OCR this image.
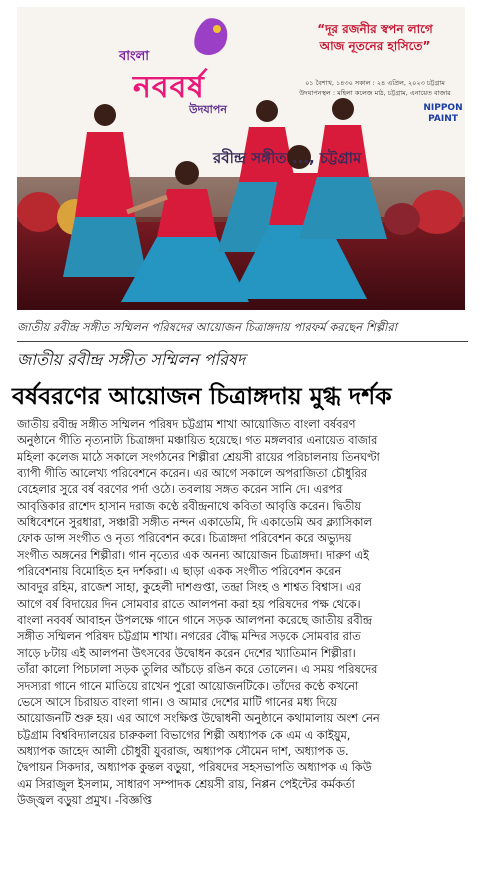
“দূর রজনীর স্বপন লাগে
আজ নূতনের হাসিতে”
০১ বৈশাখ, ১৪৩০ সকাল : ২৪ এপ্রিল, ২০২৩ চট্টগ্রাম
উদযাপনস্থল : মহিলা কলেজ মাঠ, চট্টগ্রাম, এনায়েত বাজার
বাংলা
নববর্ষ
উদযাপন
রবীন্দ্র সঙ্গীত ..., চট্টগ্রাম
NIPPON
PAINT
জাতীয় রবীন্দ্র সঙ্গীত সম্মিলন পরিষদের আয়োজন চিত্রাঙ্গদায় পারফর্ম করছেন শিল্পীরা
জাতীয় রবীন্দ্র সঙ্গীত সম্মিলন পরিষদ
বর্ষবরণের আয়োজন চিত্রাঙ্গদায় মুগ্ধ দর্শক
জাতীয় রবীন্দ্র সঙ্গীত সম্মিলন পরিষদ চট্টগ্রাম শাখা আয়োজিত বাংলা বর্ষবরণ
অনুষ্ঠানে গীতি নৃত্যনাট্য চিত্রাঙ্গদা মঞ্চায়িত হয়েছে। গত মঙ্গলবার এনায়েত বাজার
মহিলা কলেজ মাঠে সকালে সংগঠনের শিল্পীরা শ্রেয়সী রায়ের পরিচালনায় তিনঘণ্টা
ব্যাপী গীতি আলেখ্য পরিবেশনে করেন। এর আগে সকালে অপরাজিতা চৌধুরির
বেহেলার সুরে বর্ষ বরণের পর্দা ওঠে। তবলায় সঙ্গত করেন সানি দে। এরপর
আবৃত্তিকার রাশেদ হাসান দরাজ কণ্ঠে রবীন্দ্রনাথে কবিতা আবৃত্তি করেন। দ্বিতীয়
অধিবেশনে সুরধারা, সঞ্চারী সঙ্গীত নন্দন একাডেমি, দি একাডেমি অব ক্ল্যাসিকাল
ফোক ডান্স সংগীত ও নৃত্য পরিবেশন করে। চিত্রাঙ্গদা পরিবেশন করে অভ্যুদয়
সংগীত অঙ্গনের শিল্পীরা। গান নৃত্যের এক অনন্য আয়োজন চিত্রাঙ্গদা। দারুণ এই
পরিবেশনায় বিমোহিত হন দর্শকরা। এ ছাড়া একক সংগীত পরিবেশন করেন
আবদুর রহিম, রাজেশ সাহা, কুহেলী দাশগুপ্তা, তন্দ্রা সিংহ ও শাশ্বত বিশ্বাস। এর
আগে বর্ষ বিদায়ের দিন সোমবার রাতে আলপনা করা হয় পরিষদের পক্ষ থেকে।
বাংলা নববর্ষ আবাহন উপলক্ষে গানে গানে সড়ক আলপনা করেছে জাতীয় রবীন্দ্র
সঙ্গীত সম্মিলন পরিষদ চট্টগ্রাম শাখা। নগরের বৌদ্ধ মন্দির সড়কে সোমবার রাত
সাড়ে ৮টায় এই আলপনা উৎসবের উদ্বোধন করেন দেশের খ্যাতিমান শিল্পীরা।
তাঁরা কালো পিচঢালা সড়ক তুলির আঁচড়ে রঙিন করে তোলেন। এ সময় পরিষদের
সদস্যরা গানে গানে মাতিয়ে রাখেন পুরো আয়োজনটিকে। তাঁদের কণ্ঠে কখনো
ভেসে আসে চিরায়ত বাংলা গান। ও আমার দেশের মাটি গানের মধ্য দিয়ে
আয়োজনটি শুরু হয়। এর আগে সংক্ষিপ্ত উদ্বোধনী অনুষ্ঠানে কথামালায় অংশ নেন
চট্টগ্রাম বিশ্ববিদ্যালয়ের চারুকলা বিভাগের শিল্পী অধ্যাপক কে এম এ কাইয়ুম,
অধ্যাপক জাহেদ আলী চৌধুরী যুবরাজ, অধ্যাপক সৌমেন দাশ, অধ্যাপক ড.
দ্বৈপায়ন সিকদার, অধ্যাপক কুন্তল বড়ুয়া, পরিষদের সহসভাপতি অধ্যাপক এ কিউ
এম সিরাজুল ইসলাম, সাধারণ সম্পাদক শ্রেয়সী রায়, নিপ্পন পেইন্টের কর্মকর্তা
উজ্জ্বল বড়ুয়া প্রমুখ। -বিজ্ঞপ্তি
